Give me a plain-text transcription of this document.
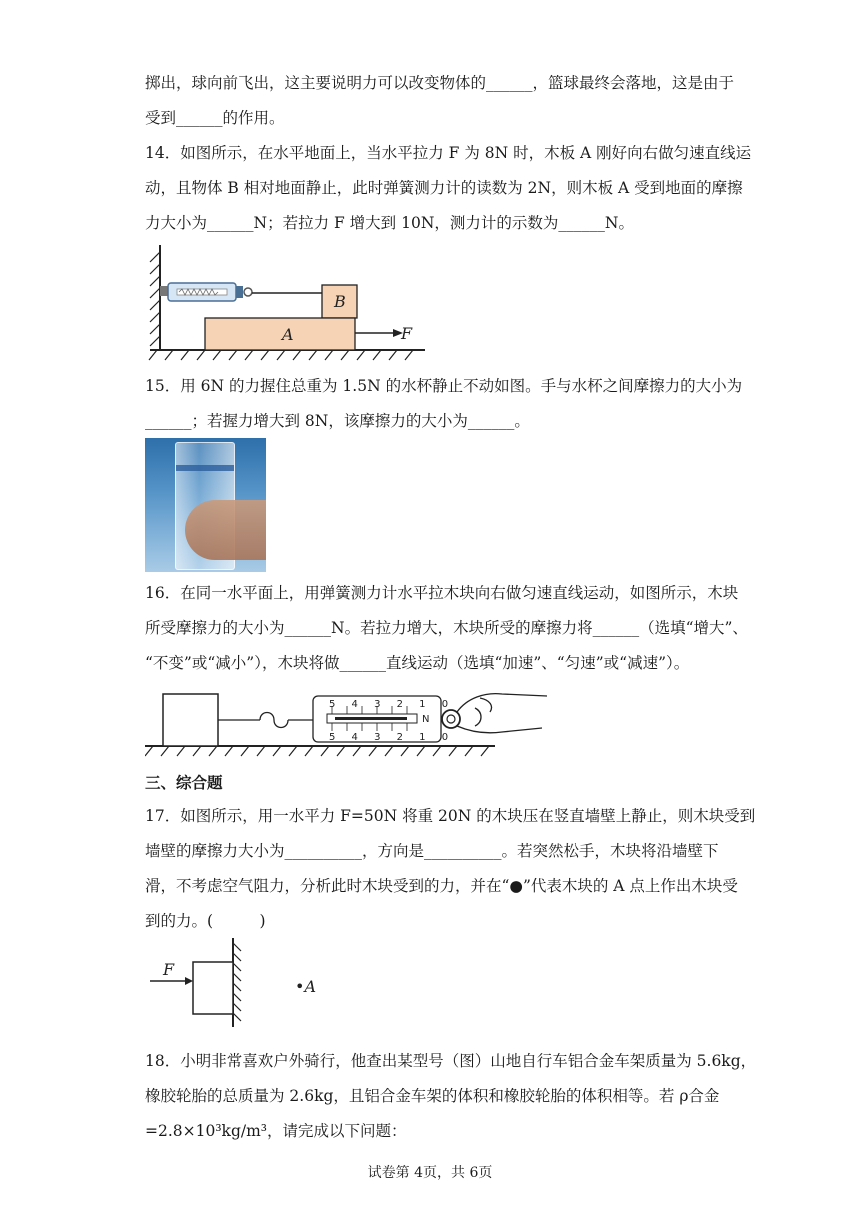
掷出，球向前飞出，这主要说明力可以改变物体的______，篮球最终会落地，这是由于
受到______的作用。
14．如图所示，在水平地面上，当水平拉力 F 为 8N 时，木板 A 刚好向右做匀速直线运
动，且物体 B 相对地面静止，此时弹簧测力计的读数为 2N，则木板 A 受到地面的摩擦
力大小为______N；若拉力 F 增大到 10N，测力计的示数为______N。
B
A	F
15．用 6N 的力握住总重为 1.5N 的水杯静止不动如图。手与水杯之间摩擦力的大小为
______；若握力增大到 8N，该摩擦力的大小为______。
16．在同一水平面上，用弹簧测力计水平拉木块向右做匀速直线运动，如图所示，木块
所受摩擦力的大小为______N。若拉力增大，木块所受的摩擦力将______（选填“增大”、
“不变”或“减小”），木块将做______直线运动（选填“加速”、“匀速”或“减速”）。
5 4 3 2 1 0
5 4 3 2 1 0
N
三、综合题
17．如图所示，用一水平力 F=50N 将重 20N 的木块压在竖直墙壁上静止，则木块受到
墙壁的摩擦力大小为__________，方向是__________。若突然松手，木块将沿墙壁下
滑，不考虑空气阻力，分析此时木块受到的力，并在“●”代表木块的 A 点上作出木块受
到的力。(　　　)
F
•A
18．小明非常喜欢户外骑行，他查出某型号（图）山地自行车铝合金车架质量为 5.6kg，
橡胶轮胎的总质量为 2.6kg，且铝合金车架的体积和橡胶轮胎的体积相等。若 ρ合金
=2.8×10³kg/m³，请完成以下问题：
试卷第 4页，共 6页
